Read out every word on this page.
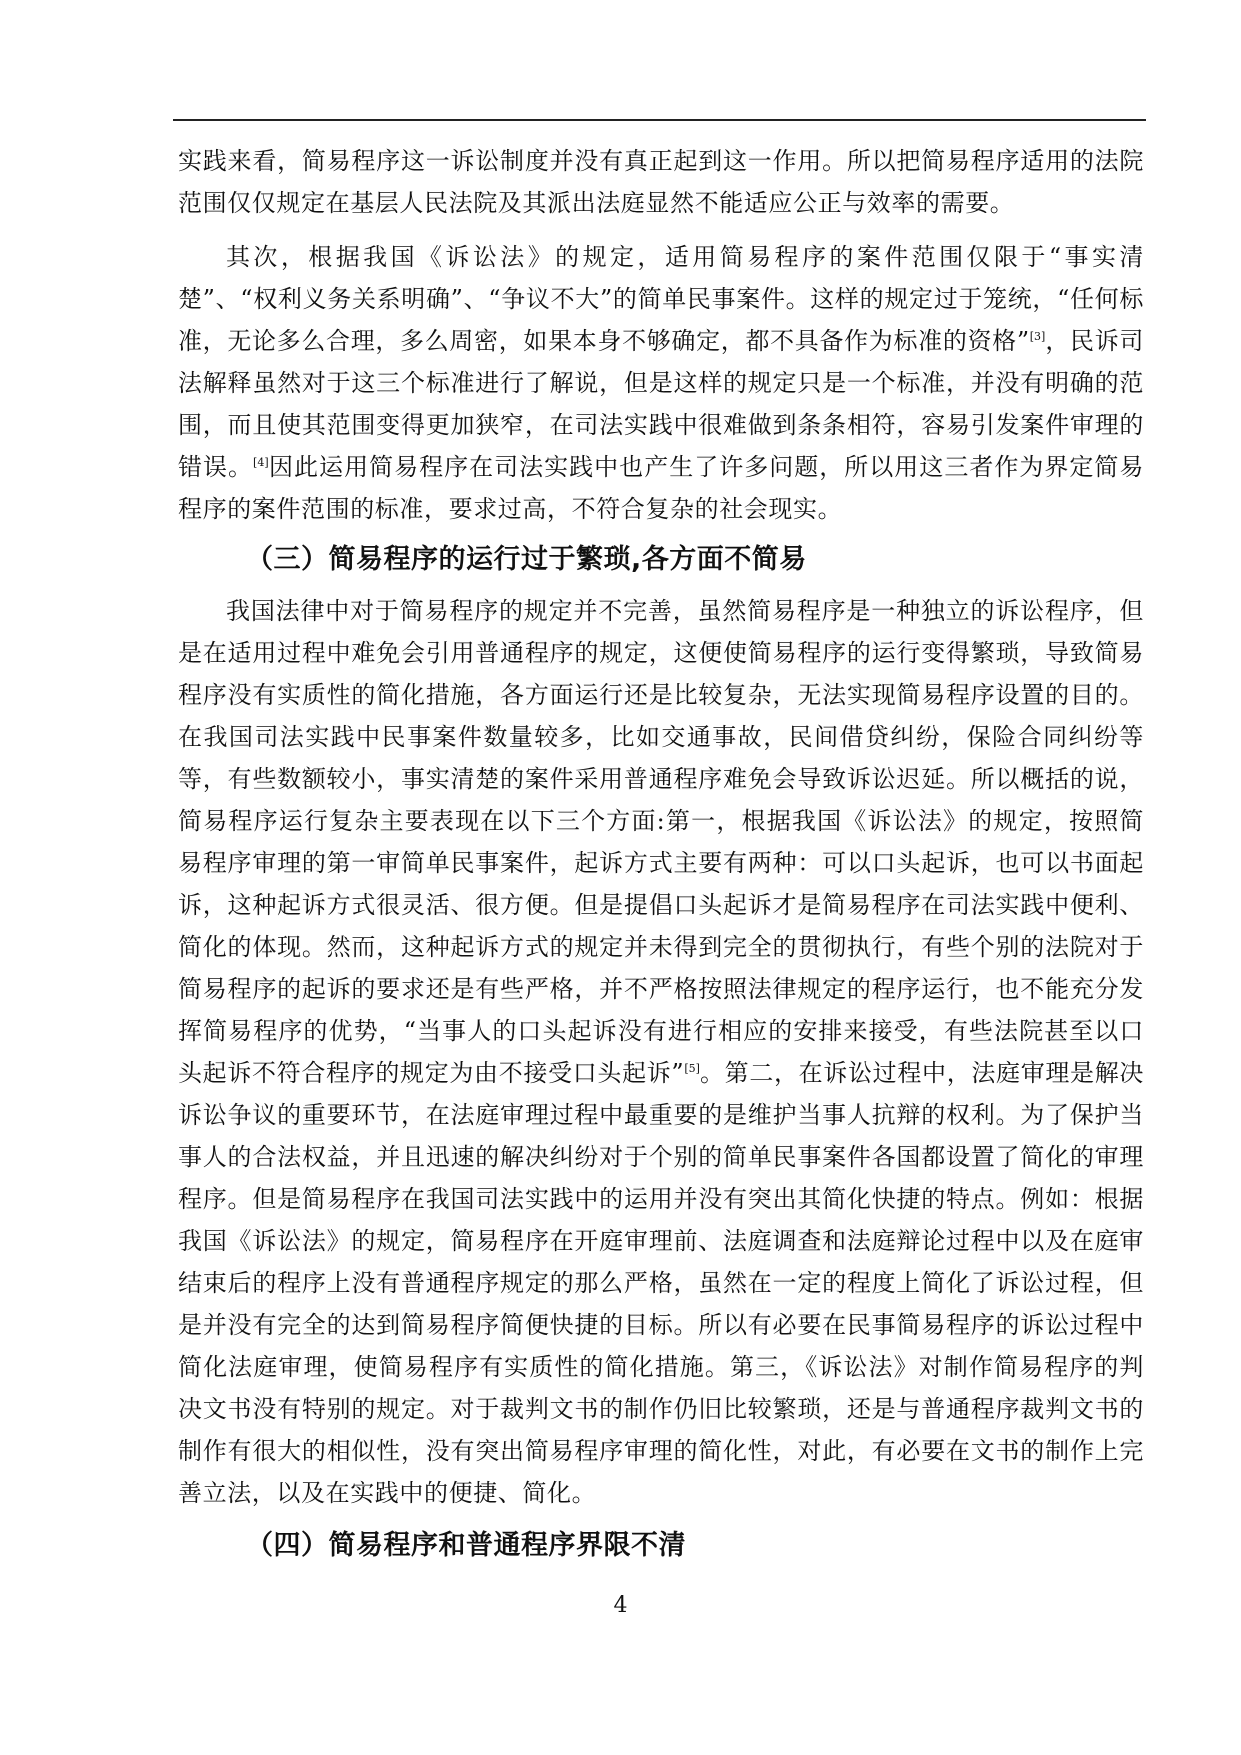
实践来看，简易程序这一诉讼制度并没有真正起到这一作用。所以把简易程序适用的法院范围仅仅规定在基层人民法院及其派出法庭显然不能适应公正与效率的需要。

其次，根据我国《诉讼法》的规定，适用简易程序的案件范围仅限于“事实清楚”、“权利义务关系明确”、“争议不大”的简单民事案件。这样的规定过于笼统，“任何标准，无论多么合理，多么周密，如果本身不够确定，都不具备作为标准的资格”[3]，民诉司法解释虽然对于这三个标准进行了解说，但是这样的规定只是一个标准，并没有明确的范围，而且使其范围变得更加狭窄，在司法实践中很难做到条条相符，容易引发案件审理的错误。[4]因此运用简易程序在司法实践中也产生了许多问题，所以用这三者作为界定简易程序的案件范围的标准，要求过高，不符合复杂的社会现实。

（三）简易程序的运行过于繁琐,各方面不简易

我国法律中对于简易程序的规定并不完善，虽然简易程序是一种独立的诉讼程序，但是在适用过程中难免会引用普通程序的规定，这便使简易程序的运行变得繁琐，导致简易程序没有实质性的简化措施，各方面运行还是比较复杂，无法实现简易程序设置的目的。在我国司法实践中民事案件数量较多，比如交通事故，民间借贷纠纷，保险合同纠纷等等，有些数额较小，事实清楚的案件采用普通程序难免会导致诉讼迟延。所以概括的说，简易程序运行复杂主要表现在以下三个方面:第一，根据我国《诉讼法》的规定，按照简易程序审理的第一审简单民事案件，起诉方式主要有两种：可以口头起诉，也可以书面起诉，这种起诉方式很灵活、很方便。但是提倡口头起诉才是简易程序在司法实践中便利、简化的体现。然而，这种起诉方式的规定并未得到完全的贯彻执行，有些个别的法院对于简易程序的起诉的要求还是有些严格，并不严格按照法律规定的程序运行，也不能充分发挥简易程序的优势，“当事人的口头起诉没有进行相应的安排来接受，有些法院甚至以口头起诉不符合程序的规定为由不接受口头起诉”[5]。第二，在诉讼过程中，法庭审理是解决诉讼争议的重要环节，在法庭审理过程中最重要的是维护当事人抗辩的权利。为了保护当事人的合法权益，并且迅速的解决纠纷对于个别的简单民事案件各国都设置了简化的审理程序。但是简易程序在我国司法实践中的运用并没有突出其简化快捷的特点。例如：根据我国《诉讼法》的规定，简易程序在开庭审理前、法庭调查和法庭辩论过程中以及在庭审结束后的程序上没有普通程序规定的那么严格，虽然在一定的程度上简化了诉讼过程，但是并没有完全的达到简易程序简便快捷的目标。所以有必要在民事简易程序的诉讼过程中简化法庭审理，使简易程序有实质性的简化措施。第三，《诉讼法》对制作简易程序的判决文书没有特别的规定。对于裁判文书的制作仍旧比较繁琐，还是与普通程序裁判文书的制作有很大的相似性，没有突出简易程序审理的简化性，对此，有必要在文书的制作上完善立法，以及在实践中的便捷、简化。

（四）简易程序和普通程序界限不清
4
